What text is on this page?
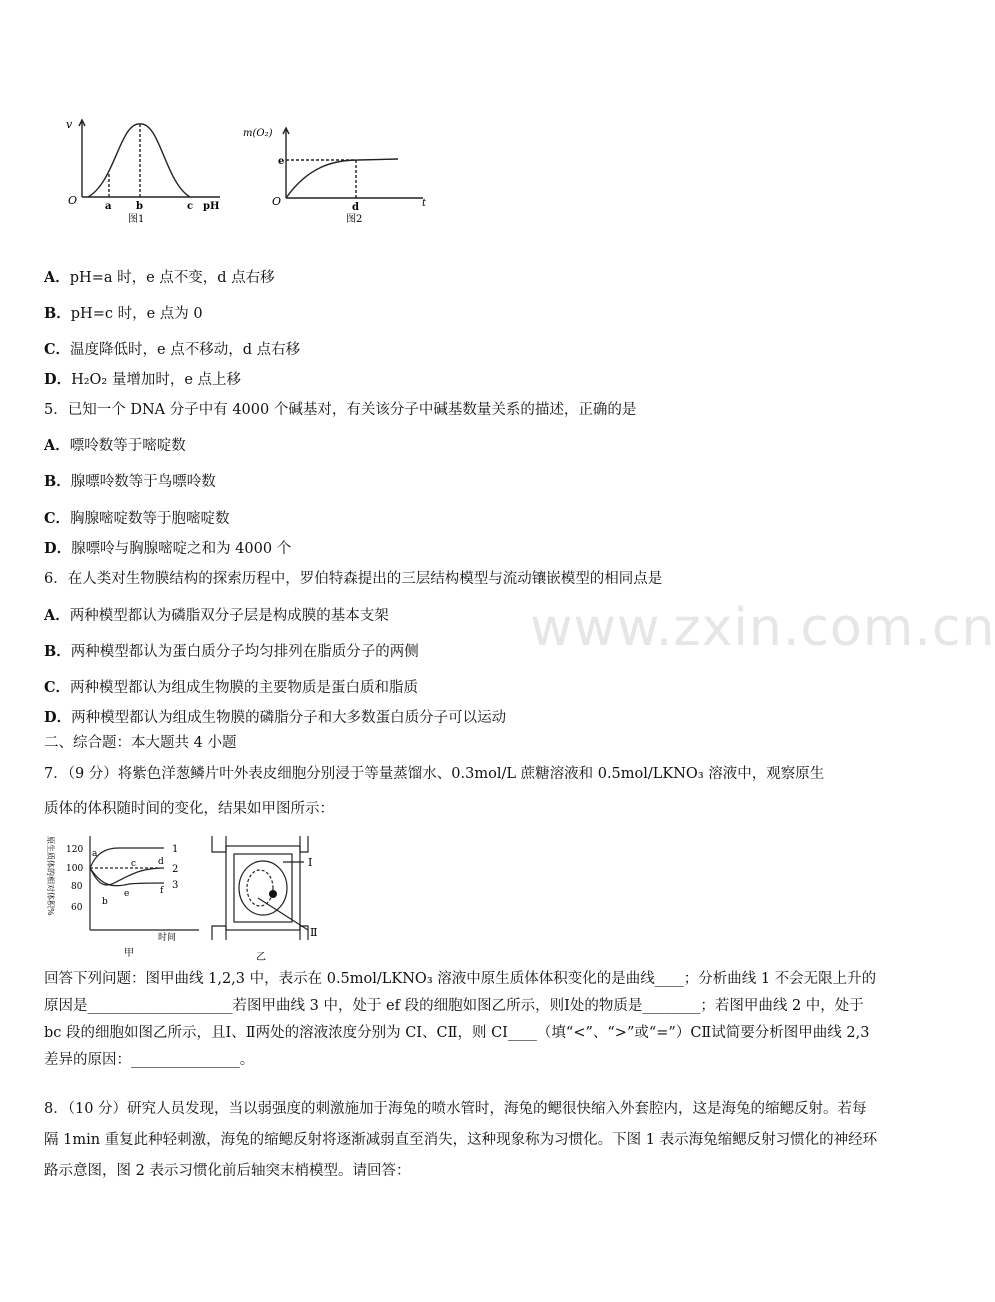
www.zxin.com.cn
v
O	a b	c pH
图1
m(O₂)
O
e
d	t
图2
A．pH=a 时，e 点不变，d 点右移
B．pH=c 时，e 点为 0
C．温度降低时，e 点不移动，d 点右移
D．H₂O₂ 量增加时，e 点上移
5．已知一个 DNA 分子中有 4000 个碱基对，有关该分子中碱基数量关系的描述，正确的是
A．嘌呤数等于嘧啶数
B．腺嘌呤数等于鸟嘌呤数
C．胸腺嘧啶数等于胞嘧啶数
D．腺嘌呤与胸腺嘧啶之和为 4000 个
6．在人类对生物膜结构的探索历程中，罗伯特森提出的三层结构模型与流动镶嵌模型的相同点是
A．两种模型都认为磷脂双分子层是构成膜的基本支架
B．两种模型都认为蛋白质分子均匀排列在脂质分子的两侧
C．两种模型都认为组成生物膜的主要物质是蛋白质和脂质
D．两种模型都认为组成生物膜的磷脂分子和大多数蛋白质分子可以运动
二、综合题：本大题共 4 小题
7．（9 分）将紫色洋葱鳞片叶外表皮细胞分别浸于等量蒸馏水、0.3mol/L 蔗糖溶液和 0.5mol/LKNO₃ 溶液中，观察原生
质体的体积随时间的变化，结果如甲图所示：
原生质体的相对体积% 120
100
80
60
1
2
3
a
b
c d
e	f
时间
甲
Ⅰ
Ⅱ
乙
回答下列问题：图甲曲线 1,2,3 中，表示在 0.5mol/LKNO₃ 溶液中原生质体体积变化的是曲线____；分析曲线 1 不会无限上升的原因是____________________若图甲曲线 3 中，处于 ef 段的细胞如图乙所示，则Ⅰ处的物质是________；若图甲曲线 2 中，处于 bc 段的细胞如图乙所示，且Ⅰ、Ⅱ两处的溶液浓度分别为 CⅠ、CⅡ，则 CⅠ____（填“<”、“>”或“=”）CⅡ试简要分析图甲曲线 2,3 差异的原因：_______________。
8．（10 分）研究人员发现，当以弱强度的刺激施加于海兔的喷水管时，海兔的鳃很快缩入外套腔内，这是海兔的缩鳃反射。若每隔 1min 重复此种轻刺激，海兔的缩鳃反射将逐渐减弱直至消失，这种现象称为习惯化。下图 1 表示海兔缩鳃反射习惯化的神经环路示意图，图 2 表示习惯化前后轴突末梢模型。请回答：
